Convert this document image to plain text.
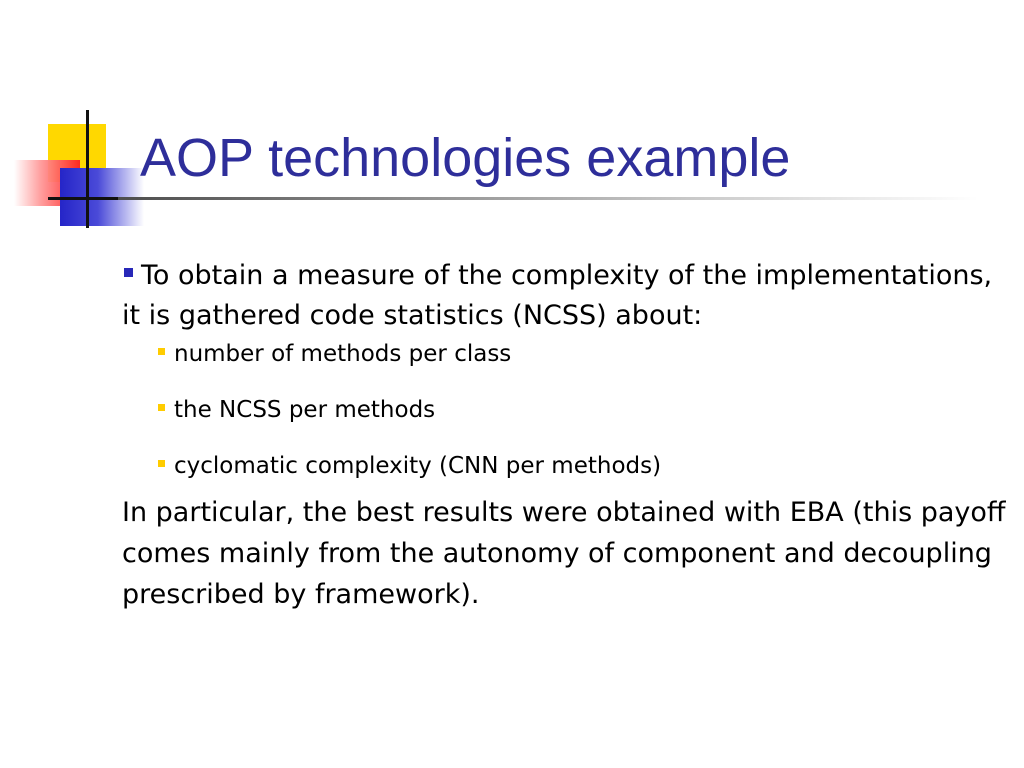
AOP technologies example

To obtain a measure of the complexity of the implementations, it is gathered code statistics (NCSS) about:

number of methods per class
the NCSS per methods
cyclomatic complexity (CNN per methods)

In particular, the best results were obtained with EBA (this payoff comes mainly from the autonomy of component and decoupling prescribed by framework).
